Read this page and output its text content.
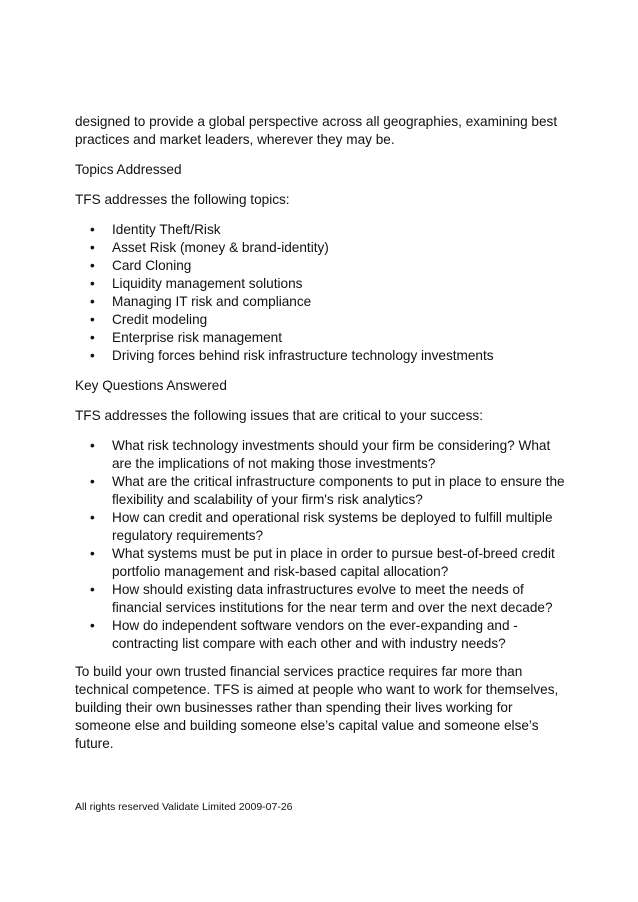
designed to provide a global perspective across all geographies, examining best practices and market leaders, wherever they may be.

Topics Addressed

TFS addresses the following topics:

• Identity Theft/Risk
• Asset Risk (money & brand-identity)
• Card Cloning
• Liquidity management solutions
• Managing IT risk and compliance
• Credit modeling
• Enterprise risk management
• Driving forces behind risk infrastructure technology investments

Key Questions Answered

TFS addresses the following issues that are critical to your success:

• What risk technology investments should your firm be considering? What are the implications of not making those investments?
• What are the critical infrastructure components to put in place to ensure the flexibility and scalability of your firm's risk analytics?
• How can credit and operational risk systems be deployed to fulfill multiple regulatory requirements?
• What systems must be put in place in order to pursue best-of-breed credit portfolio management and risk-based capital allocation?
• How should existing data infrastructures evolve to meet the needs of financial services institutions for the near term and over the next decade?
• How do independent software vendors on the ever-expanding and -contracting list compare with each other and with industry needs?

To build your own trusted financial services practice requires far more than technical competence. TFS is aimed at people who want to work for themselves, building their own businesses rather than spending their lives working for someone else and building someone else’s capital value and someone else’s future.

All rights reserved Validate Limited 2009-07-26
